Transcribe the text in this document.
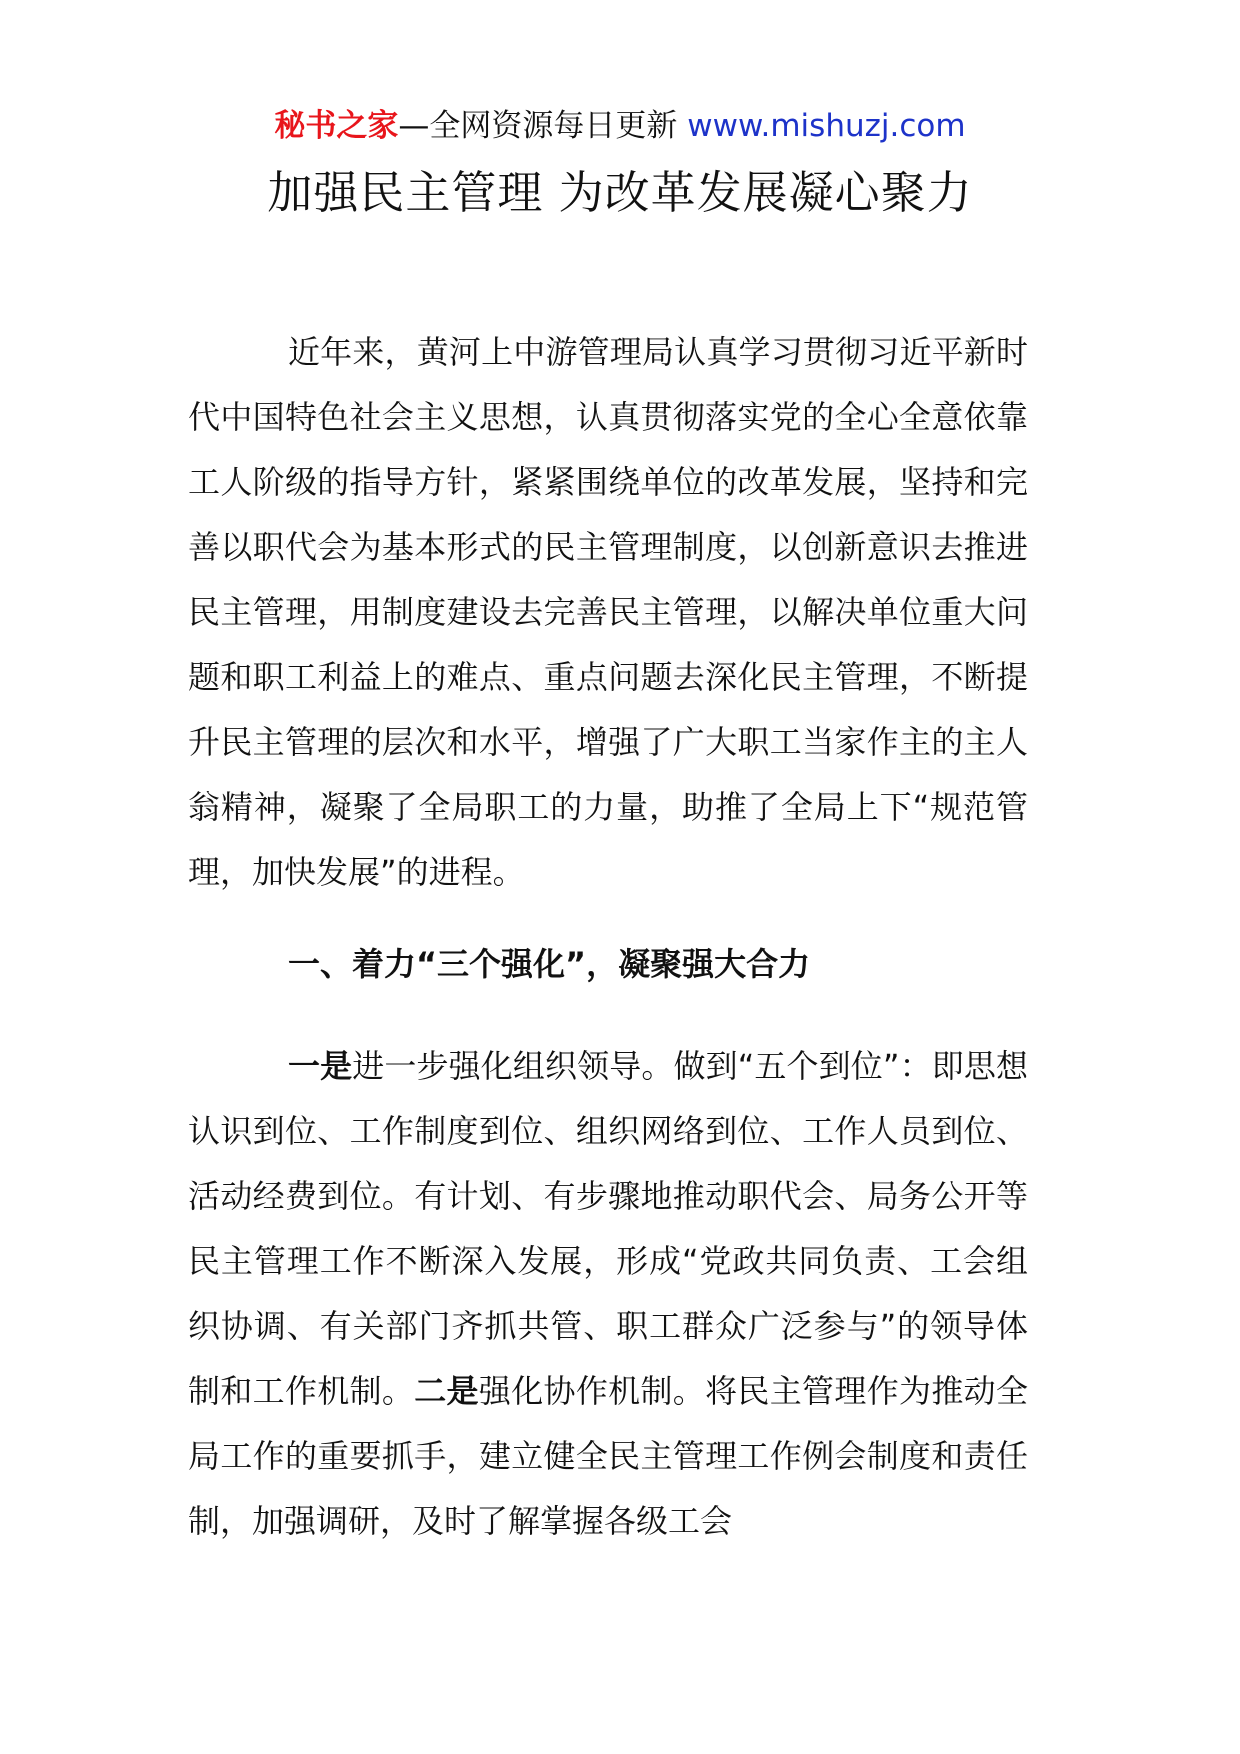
秘书之家—全网资源每日更新 www.mishuzj.com
加强民主管理 为改革发展凝心聚力

近年来，黄河上中游管理局认真学习贯彻习近平新时代中国特色社会主义思想，认真贯彻落实党的全心全意依靠工人阶级的指导方针，紧紧围绕单位的改革发展，坚持和完善以职代会为基本形式的民主管理制度，以创新意识去推进民主管理，用制度建设去完善民主管理，以解决单位重大问题和职工利益上的难点、重点问题去深化民主管理，不断提升民主管理的层次和水平，增强了广大职工当家作主的主人翁精神，凝聚了全局职工的力量，助推了全局上下“规范管理，加快发展”的进程。

一、着力“三个强化”，凝聚强大合力

一是进一步强化组织领导。做到“五个到位”：即思想认识到位、工作制度到位、组织网络到位、工作人员到位、活动经费到位。有计划、有步骤地推动职代会、局务公开等民主管理工作不断深入发展，形成“党政共同负责、工会组织协调、有关部门齐抓共管、职工群众广泛参与”的领导体制和工作机制。二是强化协作机制。将民主管理作为推动全局工作的重要抓手，建立健全民主管理工作例会制度和责任制，加强调研，及时了解掌握各级工会
